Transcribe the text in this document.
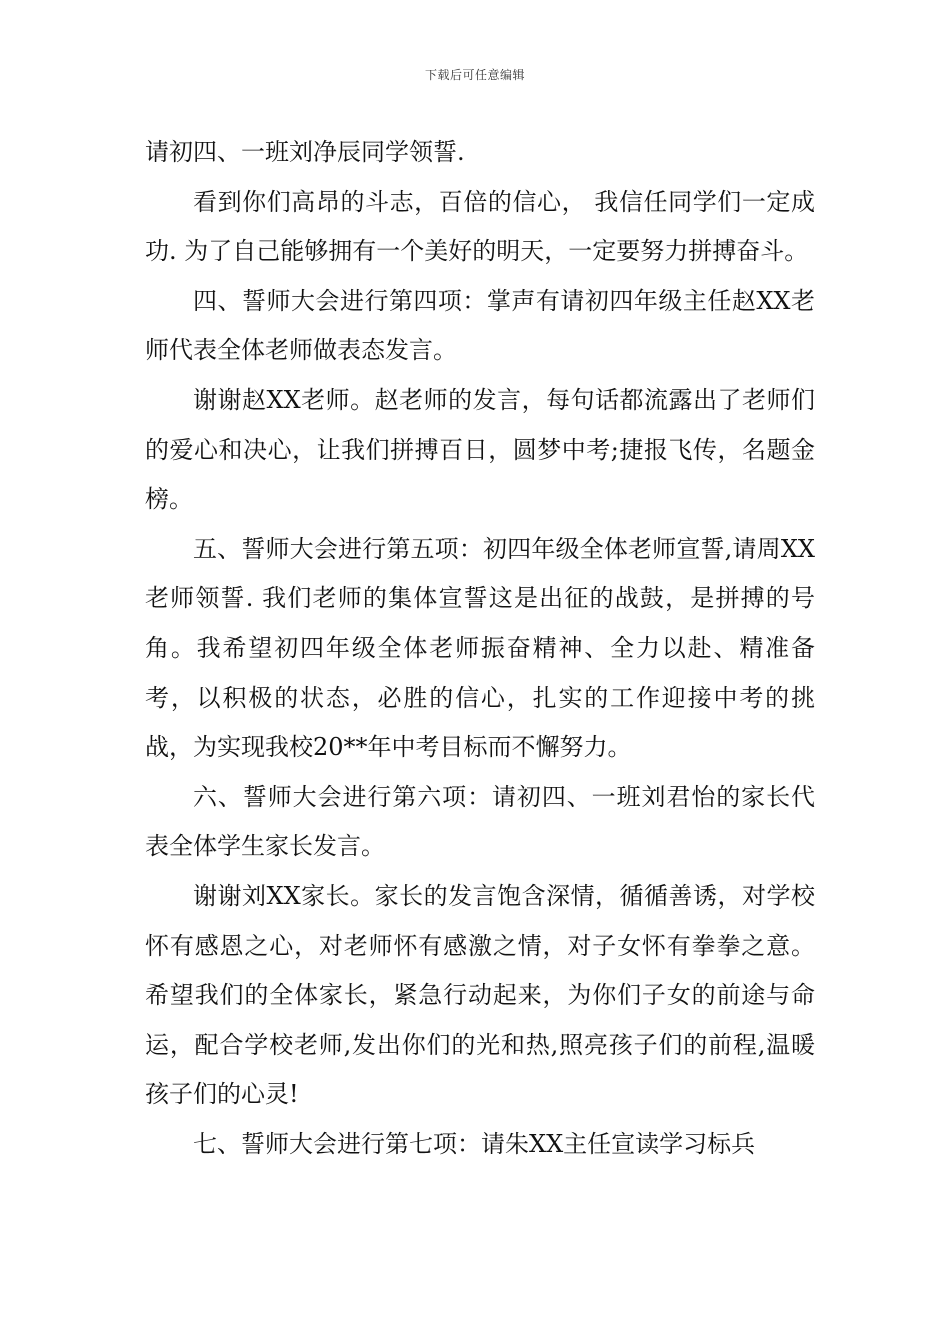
下载后可任意编辑

请初四、一班刘净辰同学领誓.

看到你们高昂的斗志，百倍的信心， 我信任同学们一定成功. 为了自己能够拥有一个美好的明天，一定要努力拼搏奋斗。

四、誓师大会进行第四项：掌声有请初四年级主任赵XX老师代表全体老师做表态发言。

谢谢赵XX老师。赵老师的发言，每句话都流露出了老师们的爱心和决心，让我们拼搏百日，圆梦中考;捷报飞传，名题金榜。

五、誓师大会进行第五项：初四年级全体老师宣誓,请周XX老师领誓. 我们老师的集体宣誓这是出征的战鼓，是拼搏的号角。我希望初四年级全体老师振奋精神、全力以赴、精准备考，以积极的状态，必胜的信心，扎实的工作迎接中考的挑战，为实现我校20**年中考目标而不懈努力。

六、誓师大会进行第六项：请初四、一班刘君怡的家长代表全体学生家长发言。

谢谢刘XX家长。家长的发言饱含深情，循循善诱，对学校怀有感恩之心，对老师怀有感激之情，对子女怀有拳拳之意。希望我们的全体家长，紧急行动起来，为你们子女的前途与命运，配合学校老师,发出你们的光和热,照亮孩子们的前程,温暖孩子们的心灵!

七、誓师大会进行第七项：请朱XX主任宣读学习标兵
